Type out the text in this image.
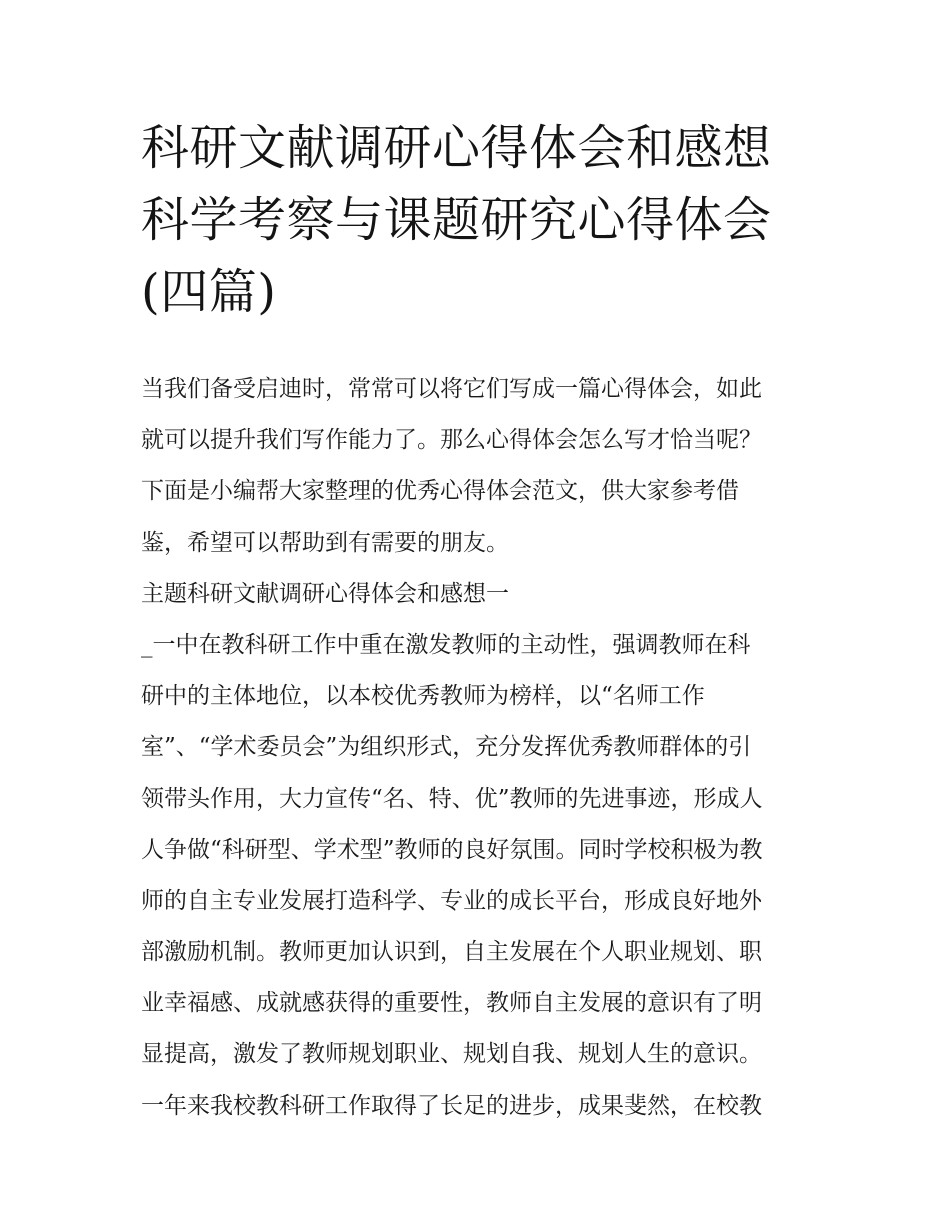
科研文献调研心得体会和感想
科学考察与课题研究心得体会
(四篇)
当我们备受启迪时，常常可以将它们写成一篇心得体会，如此
就可以提升我们写作能力了。那么心得体会怎么写才恰当呢？
下面是小编帮大家整理的优秀心得体会范文，供大家参考借
鉴，希望可以帮助到有需要的朋友。
主题科研文献调研心得体会和感想一
_一中在教科研工作中重在激发教师的主动性，强调教师在科
研中的主体地位，以本校优秀教师为榜样，以“名师工作
室”、“学术委员会”为组织形式，充分发挥优秀教师群体的引
领带头作用，大力宣传“名、特、优”教师的先进事迹，形成人
人争做“科研型、学术型”教师的良好氛围。同时学校积极为教
师的自主专业发展打造科学、专业的成长平台，形成良好地外
部激励机制。教师更加认识到，自主发展在个人职业规划、职
业幸福感、成就感获得的重要性，教师自主发展的意识有了明
显提高，激发了教师规划职业、规划自我、规划人生的意识。
一年来我校教科研工作取得了长足的进步，成果斐然，在校教
